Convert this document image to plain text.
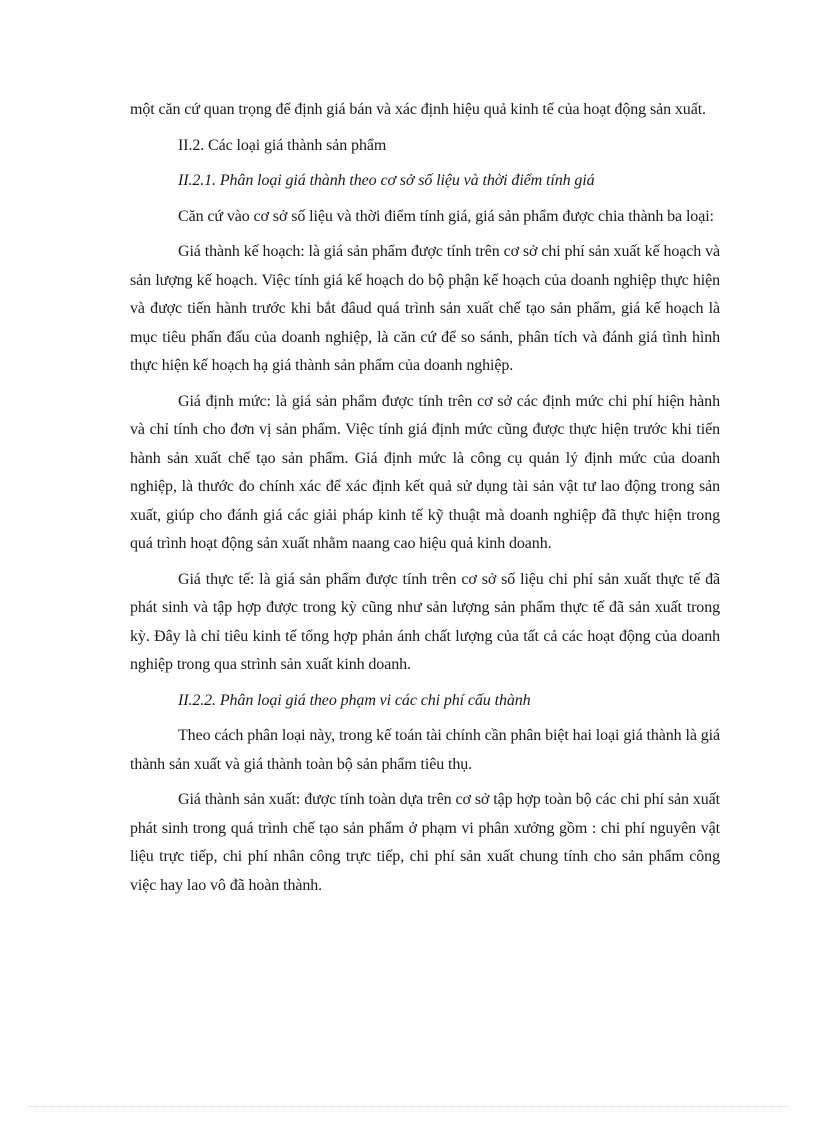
một căn cứ quan trọng để định giá bán và xác định hiệu quả kinh tế của hoạt động sản xuất.

II.2. Các loại giá thành sản phẩm

II.2.1. Phân loại giá thành theo cơ sở số liệu và thời điểm tính giá

Căn cứ vào cơ sở số liệu và thời điểm tính giá, giá sản phẩm được chia thành ba loại:

Giá thành kế hoạch: là giá sản phẩm được tính trên cơ sở chi phí sản xuất kế hoạch và sản lượng kế hoạch. Việc tính giá kế hoạch do bộ phận kế hoạch của doanh nghiệp thực hiện và được tiến hành trước khi bắt đâud quá trình sản xuất chế tạo sản phẩm, giá kế hoạch là mục tiêu phấn đấu của doanh nghiệp, là căn cứ để so sánh, phân tích và đánh giá tình hình thực hiện kế hoạch hạ giá thành sản phẩm của doanh nghiệp.

Giá định mức: là giá sản phẩm được tính trên cơ sở các định mức chi phí hiện hành và chỉ tính cho đơn vị sản phẩm. Việc tính giá định mức cũng được thực hiện trước khi tiến hành sản xuất chế tạo sản phẩm. Giá định mức là công cụ quản lý định mức của doanh nghiệp, là thước đo chính xác để xác định kết quả sử dụng tài sản vật tư lao động trong sản xuất, giúp cho đánh giá các giải pháp kinh tế kỹ thuật mà doanh nghiệp đã thực hiện trong quá trình hoạt động sản xuất nhằm naang cao hiệu quả kinh doanh.

Giá thực tế: là giá sản phẩm được tính trên cơ sở số liệu chi phí sản xuất thực tế đã phát sinh và tập hợp được trong kỳ cũng như sản lượng sản phẩm thực tế đã sản xuất trong kỳ. Đây là chỉ tiêu kinh tế tổng hợp phản ánh chất lượng của tất cả các hoạt động của doanh nghiệp trong qua strình sản xuất kinh doanh.

II.2.2. Phân loại giá theo phạm vi các chi phí cấu thành

Theo cách phân loại này, trong kế toán tài chính cần phân biệt hai loại giá thành là giá thành sản xuất và giá thành toàn bộ sản phẩm tiêu thụ.

Giá thành sản xuất: được tính toàn dựa trên cơ sở tập hợp toàn bộ các chi phí sản xuất phát sinh trong quá trình chế tạo sản phẩm ở phạm vi phân xưởng gồm : chi phí nguyên vật liệu trực tiếp, chi phí nhân công trực tiếp, chi phí sản xuất chung tính cho sản phẩm công việc hay lao vô đã hoàn thành.
